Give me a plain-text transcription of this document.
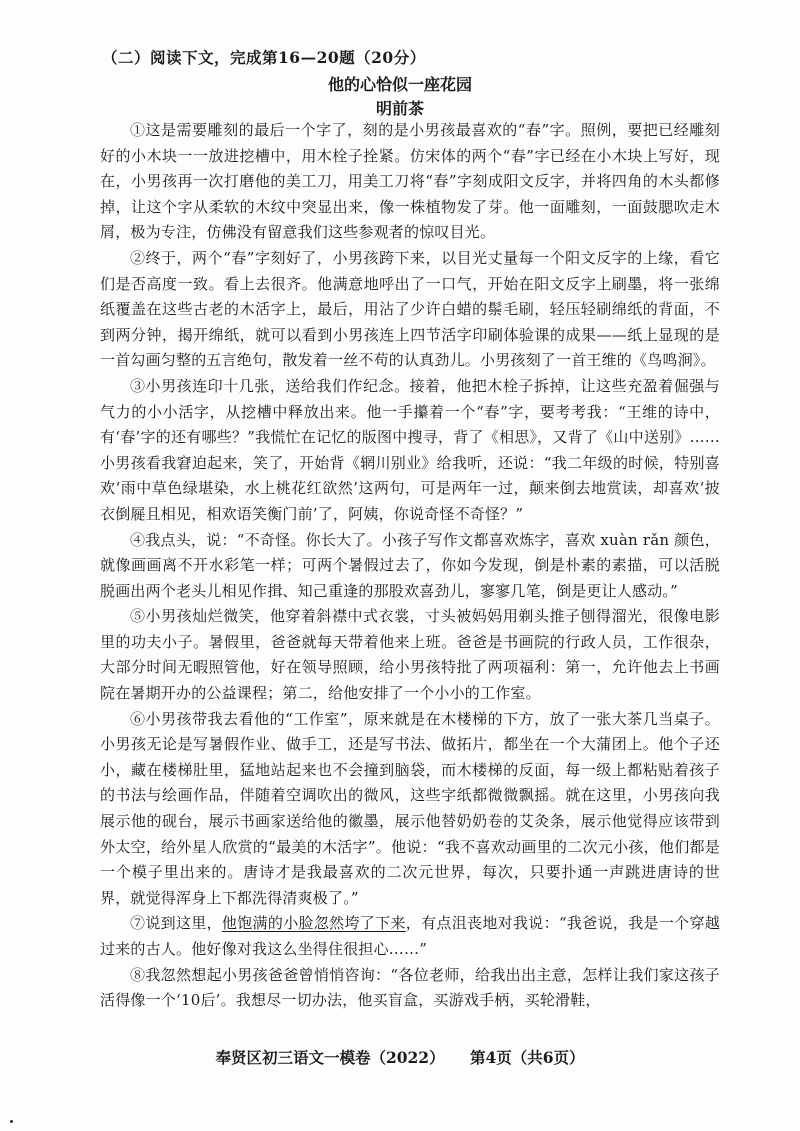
（二）阅读下文，完成第16—20题（20分）
他的心恰似一座花园
明前茶

①这是需要雕刻的最后一个字了，刻的是小男孩最喜欢的“春”字。照例，要把已经雕刻好的小木块一一放进挖槽中，用木栓子拴紧。仿宋体的两个“春”字已经在小木块上写好，现在，小男孩再一次打磨他的美工刀，用美工刀将“春”字刻成阳文反字，并将四角的木头都修掉，让这个字从柔软的木纹中突显出来，像一株植物发了芽。他一面雕刻，一面鼓腮吹走木屑，极为专注，仿佛没有留意我们这些参观者的惊叹目光。

②终于，两个“春”字刻好了，小男孩跨下来，以目光丈量每一个阳文反字的上缘，看它们是否高度一致。看上去很齐。他满意地呼出了一口气，开始在阳文反字上刷墨，将一张绵纸覆盖在这些古老的木活字上，最后，用沾了少许白蜡的鬃毛刷，轻压轻刷绵纸的背面，不到两分钟，揭开绵纸，就可以看到小男孩连上四节活字印刷体验课的成果——纸上显现的是一首勾画匀整的五言绝句，散发着一丝不苟的认真劲儿。小男孩刻了一首王维的《鸟鸣涧》。

③小男孩连印十几张，送给我们作纪念。接着，他把木栓子拆掉，让这些充盈着倔强与气力的小小活字，从挖槽中释放出来。他一手攥着一个“春”字，要考考我：“王维的诗中，有‘春’字的还有哪些？”我慌忙在记忆的版图中搜寻，背了《相思》，又背了《山中送别》……小男孩看我窘迫起来，笑了，开始背《辋川别业》给我听，还说：“我二年级的时候，特别喜欢‘雨中草色绿堪染，水上桃花红欲然’这两句，可是两年一过，颠来倒去地赏读，却喜欢‘披衣倒屣且相见，相欢语笑衡门前’了，阿姨，你说奇怪不奇怪？”

④我点头，说：“不奇怪。你长大了。小孩子写作文都喜欢炼字，喜欢 xuàn rǎn 颜色，就像画画离不开水彩笔一样；可两个暑假过去了，你如今发现，倒是朴素的素描，可以活脱脱画出两个老头儿相见作揖、知己重逢的那股欢喜劲儿，寥寥几笔，倒是更让人感动。”

⑤小男孩灿烂微笑，他穿着斜襟中式衣裳，寸头被妈妈用剃头推子刨得溜光，很像电影里的功夫小子。暑假里，爸爸就每天带着他来上班。爸爸是书画院的行政人员，工作很杂，大部分时间无暇照管他，好在领导照顾，给小男孩特批了两项福利：第一，允许他去上书画院在暑期开办的公益课程；第二，给他安排了一个小小的工作室。

⑥小男孩带我去看他的“工作室”，原来就是在木楼梯的下方，放了一张大茶几当桌子。小男孩无论是写暑假作业、做手工，还是写书法、做拓片，都坐在一个大蒲团上。他个子还小，藏在楼梯肚里，猛地站起来也不会撞到脑袋，而木楼梯的反面，每一级上都粘贴着孩子的书法与绘画作品，伴随着空调吹出的微风，这些字纸都微微飘摇。就在这里，小男孩向我展示他的砚台，展示书画家送给他的徽墨，展示他替奶奶卷的艾灸条，展示他觉得应该带到外太空，给外星人欣赏的“最美的木活字”。他说：“我不喜欢动画里的二次元小孩，他们都是一个模子里出来的。唐诗才是我最喜欢的二次元世界，每次，只要扑通一声跳进唐诗的世界，就觉得浑身上下都洗得清爽极了。”

⑦说到这里，他饱满的小脸忽然垮了下来，有点沮丧地对我说：“我爸说，我是一个穿越过来的古人。他好像对我这么坐得住很担心……”

⑧我忽然想起小男孩爸爸曾悄悄咨询：“各位老师，给我出出主意，怎样让我们家这孩子活得像一个‘10后’。我想尽一切办法，他买盲盒，买游戏手柄，买轮滑鞋，

奉贤区初三语文一模卷（2022） 第4页（共6页）
